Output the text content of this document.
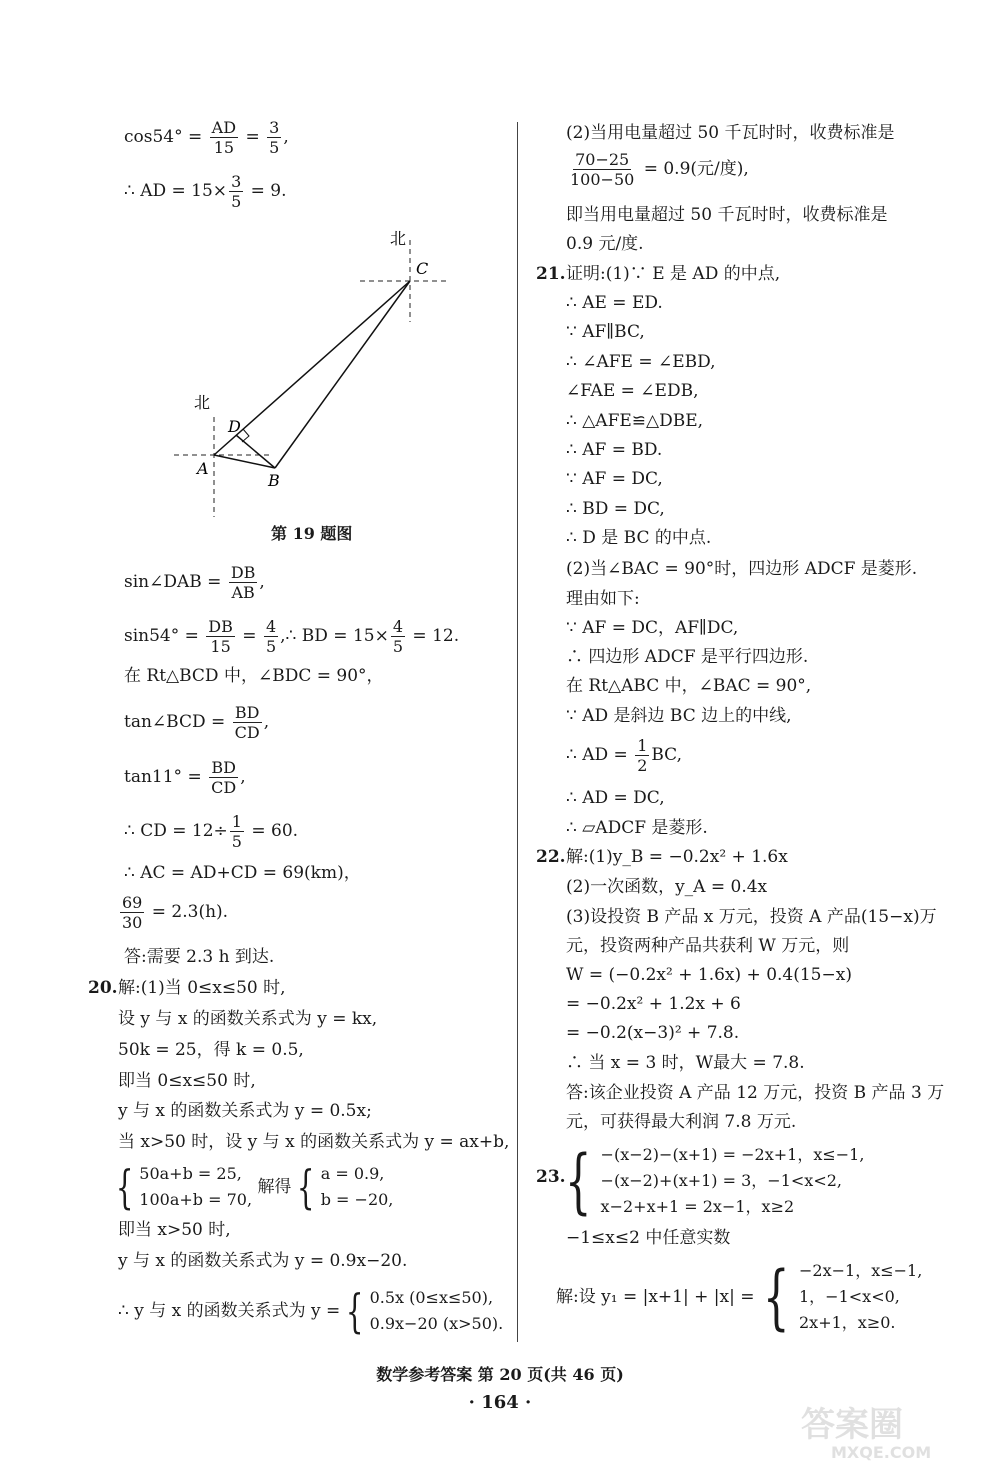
$\cos 54^\circ = \frac{AD}{15} = \frac{3}{5}$ ,
∴ AD = $15\times \frac{3}{5} = 9$.
北
C
北
D
A
B
第 19 题图
sin∠DAB = $\frac{DB}{AB}$ ,
$\sin 54^\circ = \frac{DB}{15} = \frac{4}{5}$ ,∴ BD = $15\times \frac{4}{5} = 12$.
在 Rt△BCD 中，∠BDC = 90°，
tan∠BCD = $\frac{BD}{CD}$ ,
$\tan 11^\circ = \frac{BD}{CD}$ ,
∴ CD = $12\div \frac{1}{5} = 60$.
∴ AC = AD+CD = 69(km)，
$\frac{69}{30} = 2.3(h)$.
答:需要 2.3 h 到达.
20. 解:(1)当 0≤x≤50 时,
设 y 与 x 的函数关系式为 y = kx,
50k = 25，得 k = 0.5,
即当 0≤x≤50 时,
y 与 x 的函数关系式为 y = 0.5x;
当 x>50 时，设 y 与 x 的函数关系式为 y = ax+b,
{ 50a+b = 25,
100a+b = 70,
解得 { a = 0.9,
b = −20,
即当 x>50 时,
y 与 x 的函数关系式为 y = 0.9x−20.
∴ y 与 x 的函数关系式为 y = { 0.5x (0≤x≤50),
0.9x−20 (x>50).
(2)当用电量超过 50 千瓦时时，收费标准是
$\frac{70-25}{100-50} = 0.9$(元/度),
即当用电量超过 50 千瓦时时，收费标准是
0.9 元/度.
21. 证明:(1)∵ E 是 AD 的中点,
∴ AE = ED.
∵ AF∥BC,
∴ ∠AFE = ∠EBD,
∠FAE = ∠EDB,
∴ △AFE≌△DBE,
∴ AF = BD.
∵ AF = DC,
∴ BD = DC,
∴ D 是 BC 的中点.
(2)当∠BAC = 90°时，四边形 ADCF 是菱形.
理由如下:
∵ AF = DC，AF∥DC,
∴ 四边形 ADCF 是平行四边形.
在 Rt△ABC 中，∠BAC = 90°,
∵ AD 是斜边 BC 边上的中线,
∴ AD = $\frac{1}{2}$ BC,
∴ AD = DC,
∴ ▱ADCF 是菱形.
22. 解:(1)y_B = −0.2x² + 1.6x
(2)一次函数，y_A = 0.4x
(3)设投资 B 产品 x 万元，投资 A 产品(15−x)万
元，投资两种产品共获利 W 万元，则
W = (−0.2x² + 1.6x) + 0.4(15−x)
= −0.2x² + 1.2x + 6
= −0.2(x−3)² + 7.8.
∴ 当 x = 3 时，W最大 = 7.8.
答:该企业投资 A 产品 12 万元，投资 B 产品 3 万
元，可获得最大利润 7.8 万元.
23. { −(x−2)−(x+1) = −2x+1，x≤−1,
−(x−2)+(x+1) = 3，−1<x<2,
x−2+x+1 = 2x−1，x≥2
−1≤x≤2 中任意实数
解:设 y₁ = |x+1| + |x| = { −2x−1，x≤−1,
1，−1<x<0,
2x+1，x≥0.
数学参考答案 第 20 页(共 46 页)
· 164 ·
答案圈
MXQE.COM
